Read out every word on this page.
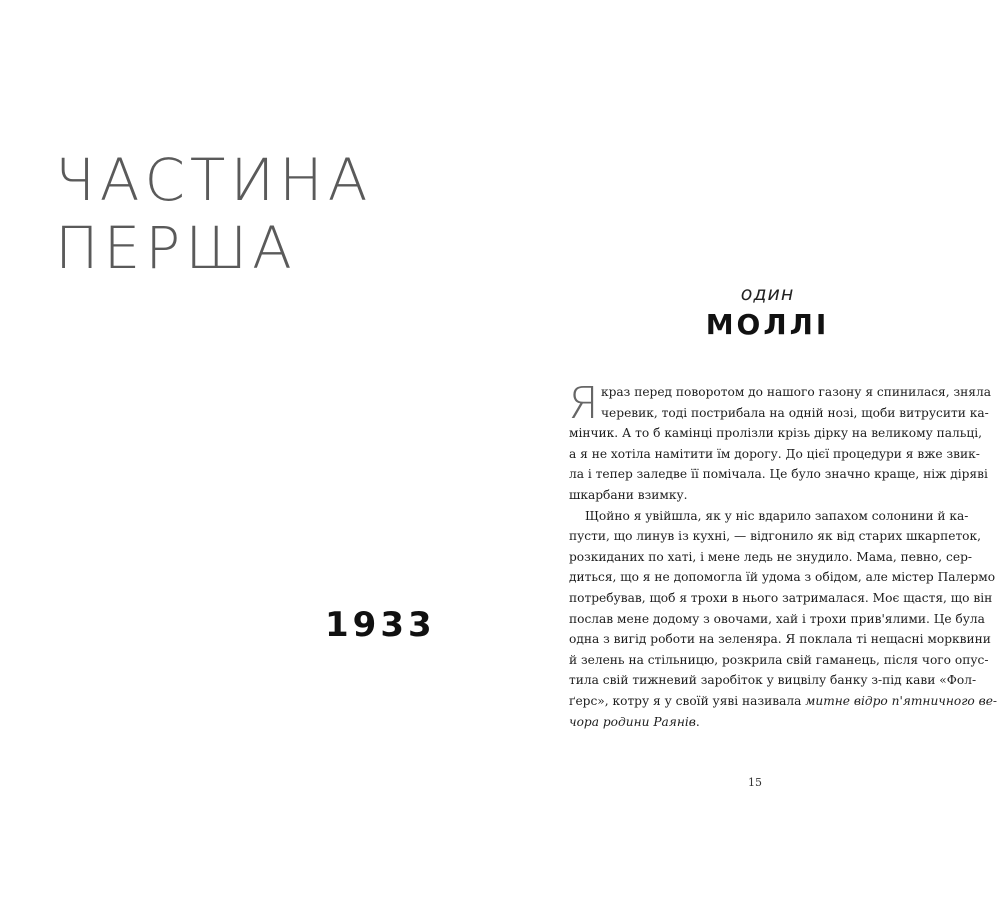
ЧАСТИНА
ПЕРША
1933
один
МОЛЛІ
Я краз перед поворотом до нашого газону я спинилася, зняла
черевик, тоді пострибала на одній нозі, щоби витрусити ка-
мінчик. А то б камінці пролізли крізь дірку на великому пальці,
а я не хотіла намітити їм дорогу. До цієї процедури я вже звик-
ла і тепер заледве її помічала. Це було значно краще, ніж діряві
шкарбани взимку.
Щойно я увійшла, як у ніс вдарило запахом солонини й ка-
пусти, що линув із кухні, — відгонило як від старих шкарпеток,
розкиданих по хаті, і мене ледь не знудило. Мама, певно, сер-
диться, що я не допомогла їй удома з обідом, але містер Палермо
потребував, щоб я трохи в нього затрималася. Моє щастя, що він
послав мене додому з овочами, хай і трохи прив'ялими. Це була
одна з вигід роботи на зеленяра. Я поклала ті нещасні морквини
й зелень на стільницю, розкрила свій гаманець, після чого опус-
тила свій тижневий заробіток у вицвілу банку з-під кави «Фол-
ґерс», котру я у своїй уяві називала митне відро п'ятничного ве-
чора родини Раянів.
15
